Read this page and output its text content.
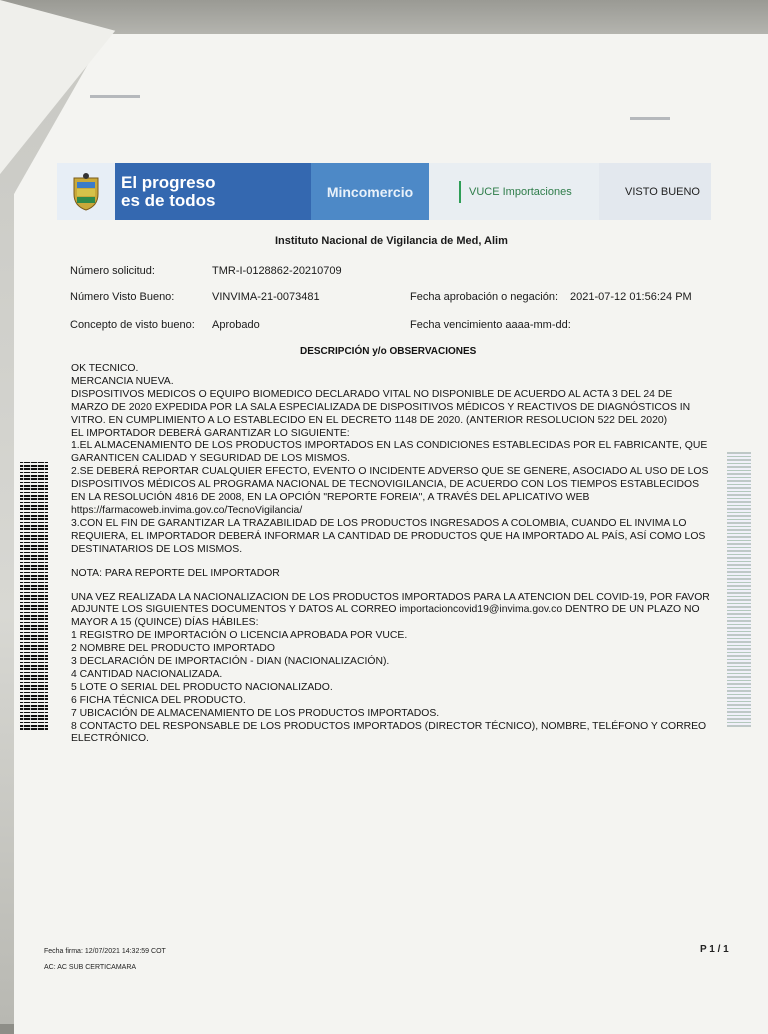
▬▬▬▬
▬▬▬▬▬
El progreso
es de todos	Mincomercio	VUCE Importaciones	VISTO BUENO
Instituto Nacional de Vigilancia de Med, Alim
Número solicitud:	TMR-I-0128862-20210709
Número Visto Bueno:	VINVIMA-21-0073481	Fecha aprobación o negación: 2021-07-12 01:56:24 PM
Concepto de visto bueno: Aprobado	Fecha vencimiento aaaa-mm-dd:
DESCRIPCIÓN y/o OBSERVACIONES
OK TECNICO.
MERCANCIA NUEVA.
DISPOSITIVOS MEDICOS O EQUIPO BIOMEDICO DECLARADO VITAL NO DISPONIBLE DE ACUERDO AL ACTA 3 DEL 24 DE MARZO DE 2020 EXPEDIDA POR LA SALA ESPECIALIZADA DE DISPOSITIVOS MÉDICOS Y REACTIVOS DE DIAGNÓSTICOS IN VITRO. EN CUMPLIMIENTO A LO ESTABLECIDO EN EL DECRETO 1148 DE 2020. (ANTERIOR RESOLUCION 522 DEL 2020)
EL IMPORTADOR DEBERÁ GARANTIZAR LO SIGUIENTE:
1.EL ALMACENAMIENTO DE LOS PRODUCTOS IMPORTADOS EN LAS CONDICIONES ESTABLECIDAS POR EL FABRICANTE, QUE GARANTICEN CALIDAD Y SEGURIDAD DE LOS MISMOS.
2.SE DEBERÁ REPORTAR CUALQUIER EFECTO, EVENTO O INCIDENTE ADVERSO QUE SE GENERE, ASOCIADO AL USO DE LOS DISPOSITIVOS MÉDICOS AL PROGRAMA NACIONAL DE TECNOVIGILANCIA, DE ACUERDO CON LOS TIEMPOS ESTABLECIDOS EN LA RESOLUCIÓN 4816 DE 2008, EN LA OPCIÓN "REPORTE FOREIA", A TRAVÉS DEL APLICATIVO WEB https://farmacoweb.invima.gov.co/TecnoVigilancia/
3.CON EL FIN DE GARANTIZAR LA TRAZABILIDAD DE LOS PRODUCTOS INGRESADOS A COLOMBIA, CUANDO EL INVIMA LO REQUIERA, EL IMPORTADOR DEBERÁ INFORMAR LA CANTIDAD DE PRODUCTOS QUE HA IMPORTADO AL PAÍS, ASÍ COMO LOS DESTINATARIOS DE LOS MISMOS.
NOTA: PARA REPORTE DEL IMPORTADOR
UNA VEZ REALIZADA LA NACIONALIZACION DE LOS PRODUCTOS IMPORTADOS PARA LA ATENCION DEL COVID-19, POR FAVOR ADJUNTE LOS SIGUIENTES DOCUMENTOS Y DATOS AL CORREO importacioncovid19@invima.gov.co DENTRO DE UN PLAZO NO MAYOR A 15 (QUINCE) DÍAS HÁBILES:
1 REGISTRO DE IMPORTACIÓN O LICENCIA APROBADA POR VUCE.
2 NOMBRE DEL PRODUCTO IMPORTADO
3 DECLARACIÓN DE IMPORTACIÓN - DIAN (NACIONALIZACIÓN).
4 CANTIDAD NACIONALIZADA.
5 LOTE O SERIAL DEL PRODUCTO NACIONALIZADO.
6 FICHA TÉCNICA DEL PRODUCTO.
7 UBICACIÓN DE ALMACENAMIENTO DE LOS PRODUCTOS IMPORTADOS.
8 CONTACTO DEL RESPONSABLE DE LOS PRODUCTOS IMPORTADOS (DIRECTOR TÉCNICO), NOMBRE, TELÉFONO Y CORREO ELECTRÓNICO.
Fecha firma: 12/07/2021 14:32:59 COT
AC: AC SUB CERTICAMARA
P 1 / 1
